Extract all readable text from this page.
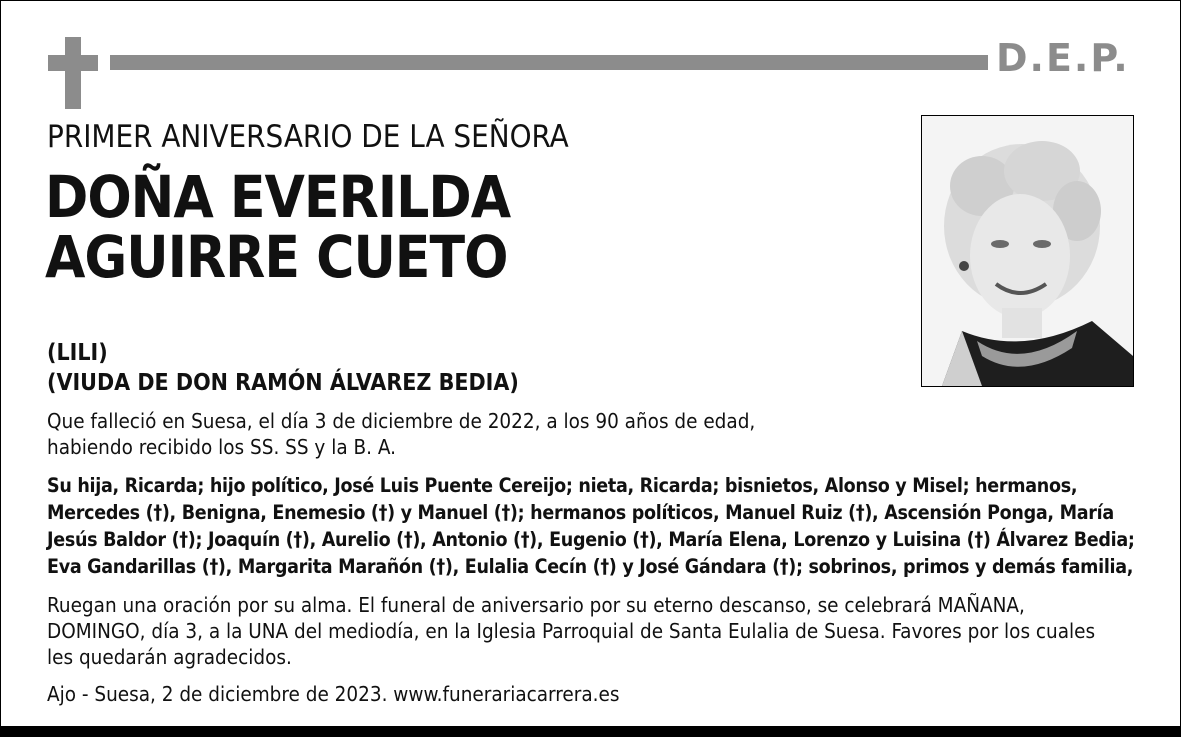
D.E.P.
PRIMER ANIVERSARIO DE LA SEÑORA
DOÑA EVERILDA
AGUIRRE CUETO
(LILI)
(VIUDA DE DON RAMÓN ÁLVAREZ BEDIA)
Que falleció en Suesa, el día 3 de diciembre de 2022, a los 90 años de edad,
habiendo recibido los SS. SS y la B. A.
Su hija, Ricarda; hijo político, José Luis Puente Cereijo; nieta, Ricarda; bisnietos, Alonso y Misel; hermanos,
Mercedes (†), Benigna, Enemesio (†) y Manuel (†); hermanos políticos, Manuel Ruiz (†), Ascensión Ponga, María
Jesús Baldor (†); Joaquín (†), Aurelio (†), Antonio (†), Eugenio (†), María Elena, Lorenzo y Luisina (†) Álvarez Bedia;
Eva Gandarillas (†), Margarita Marañón (†), Eulalia Cecín (†) y José Gándara (†); sobrinos, primos y demás familia,
Ruegan una oración por su alma. El funeral de aniversario por su eterno descanso, se celebrará MAÑANA,
DOMINGO, día 3, a la UNA del mediodía, en la Iglesia Parroquial de Santa Eulalia de Suesa. Favores por los cuales
les quedarán agradecidos.
Ajo - Suesa, 2 de diciembre de 2023. www.funerariacarrera.es
